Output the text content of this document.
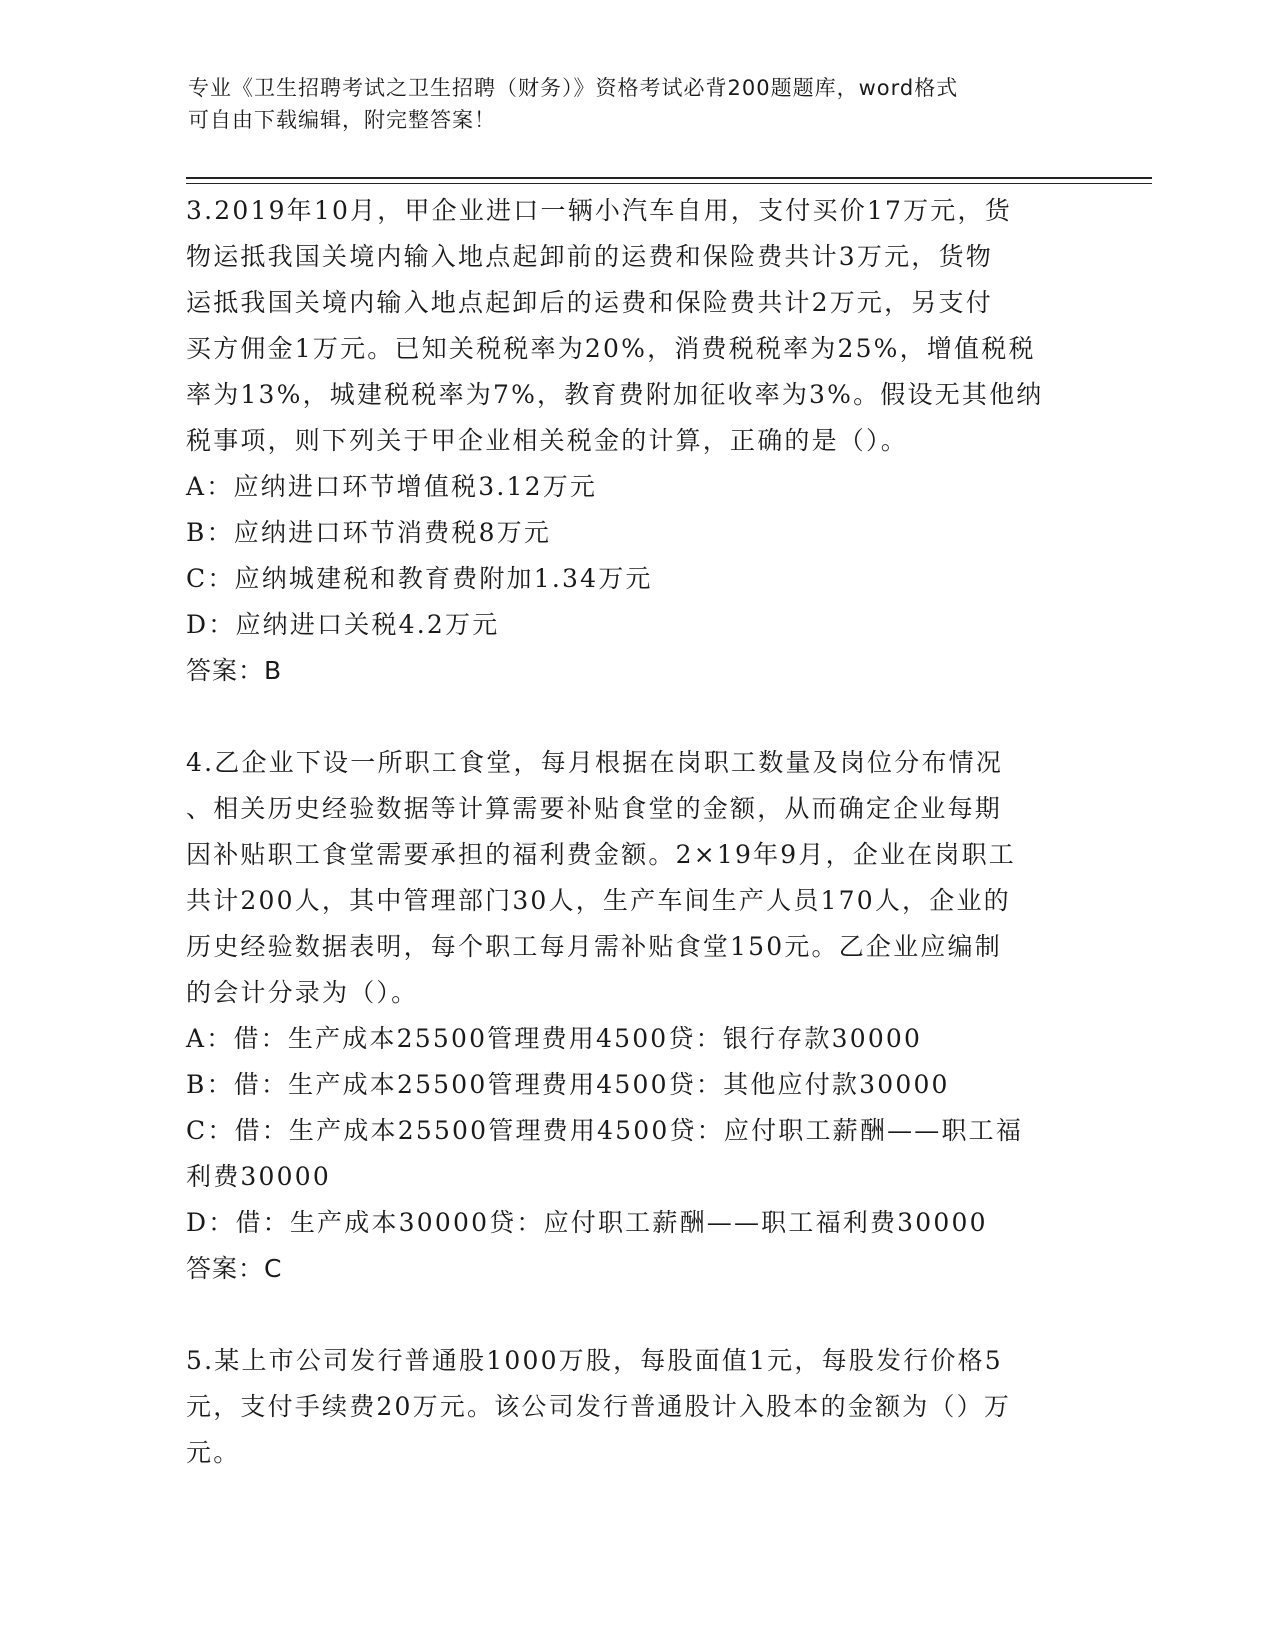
专业《卫生招聘考试之卫生招聘（财务）》资格考试必背200题题库，word格式
可自由下载编辑，附完整答案！
3.2019年10月，甲企业进口一辆小汽车自用，支付买价17万元，货
物运抵我国关境内输入地点起卸前的运费和保险费共计3万元，货物
运抵我国关境内输入地点起卸后的运费和保险费共计2万元，另支付
买方佣金1万元。已知关税税率为20%，消费税税率为25%，增值税税
率为13%，城建税税率为7%，教育费附加征收率为3%。假设无其他纳
税事项，则下列关于甲企业相关税金的计算，正确的是（）。
A：应纳进口环节增值税3.12万元
B：应纳进口环节消费税8万元
C：应纳城建税和教育费附加1.34万元
D：应纳进口关税4.2万元
答案：B
4.乙企业下设一所职工食堂，每月根据在岗职工数量及岗位分布情况
、相关历史经验数据等计算需要补贴食堂的金额，从而确定企业每期
因补贴职工食堂需要承担的福利费金额。2×19年9月，企业在岗职工
共计200人，其中管理部门30人，生产车间生产人员170人，企业的
历史经验数据表明，每个职工每月需补贴食堂150元。乙企业应编制
的会计分录为（）。
A：借：生产成本25500管理费用4500贷：银行存款30000
B：借：生产成本25500管理费用4500贷：其他应付款30000
C：借：生产成本25500管理费用4500贷：应付职工薪酬——职工福
利费30000
D：借：生产成本30000贷：应付职工薪酬——职工福利费30000
答案：C
5.某上市公司发行普通股1000万股，每股面值1元，每股发行价格5
元，支付手续费20万元。该公司发行普通股计入股本的金额为（）万
元。
